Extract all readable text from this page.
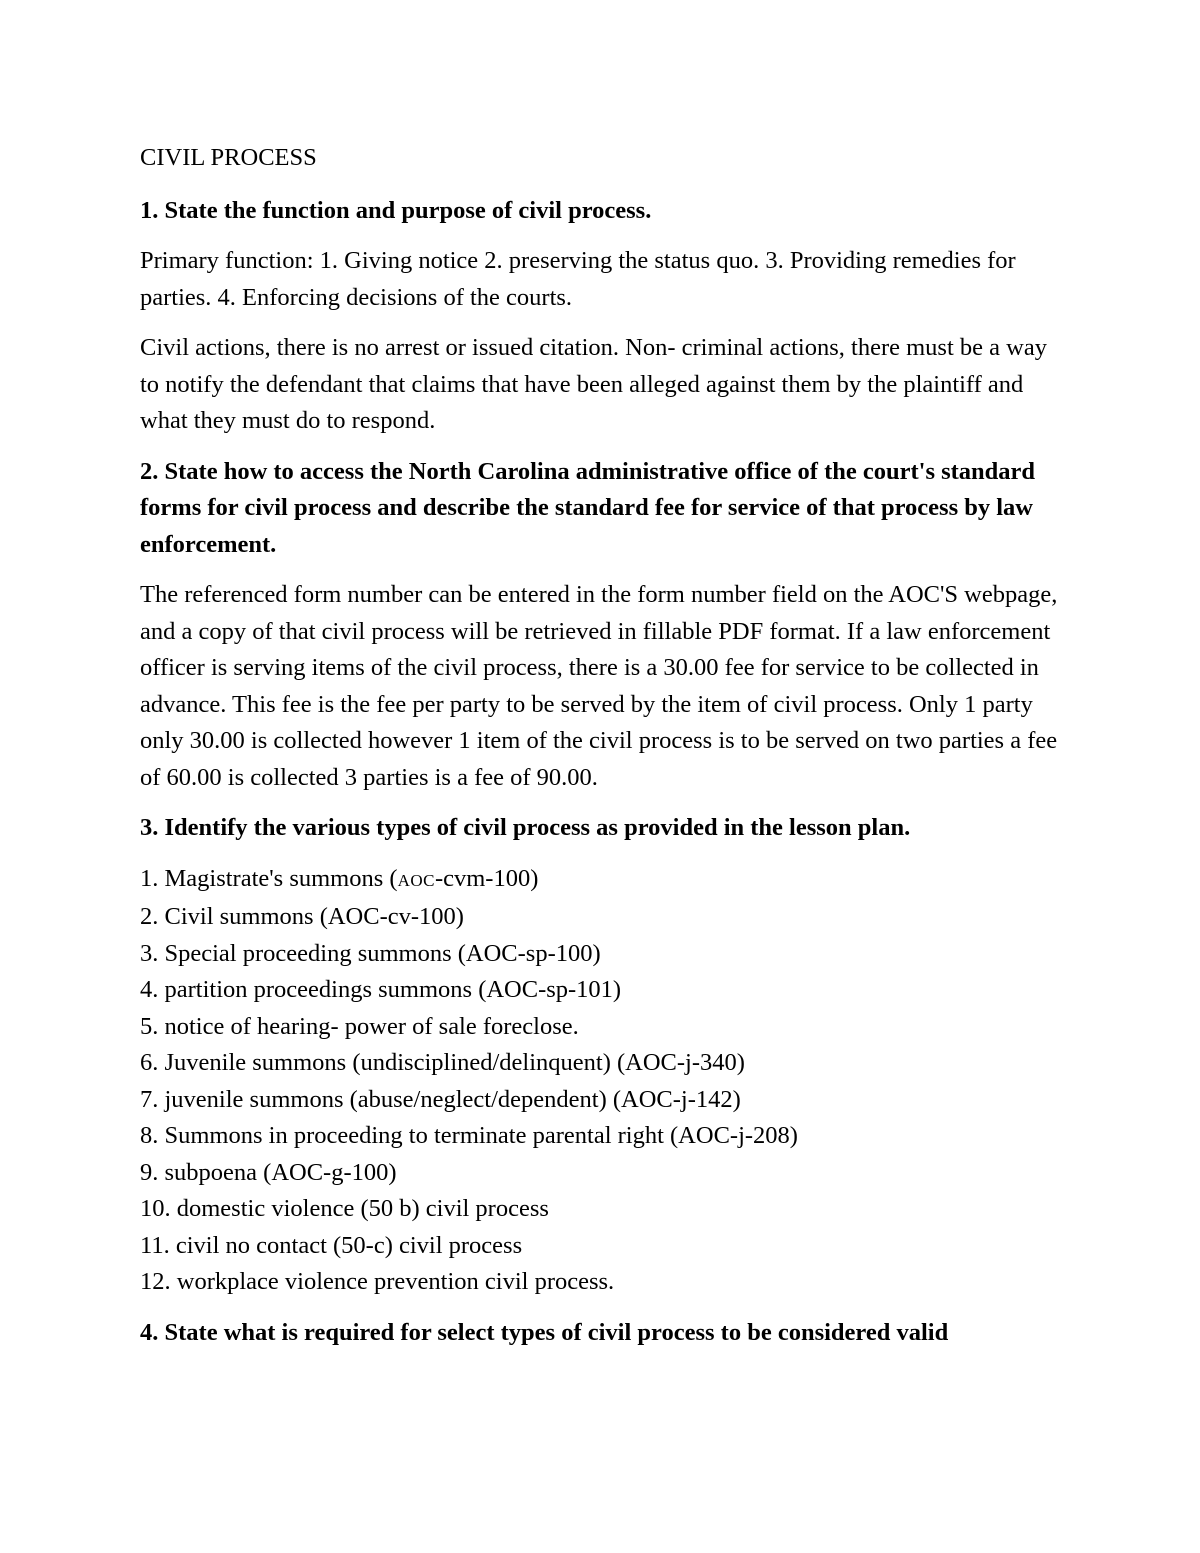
CIVIL PROCESS
1. State the function and purpose of civil process.
Primary function: 1. Giving notice 2. preserving the status quo. 3. Providing remedies for parties. 4. Enforcing decisions of the courts.
Civil actions, there is no arrest or issued citation. Non- criminal actions, there must be a way to notify the defendant that claims that have been alleged against them by the plaintiff and what they must do to respond.
2. State how to access the North Carolina administrative office of the court's standard forms for civil process and describe the standard fee for service of that process by law enforcement.
The referenced form number can be entered in the form number field on the AOC'S webpage, and a copy of that civil process will be retrieved in fillable PDF format. If a law enforcement officer is serving items of the civil process, there is a 30.00 fee for service to be collected in advance. This fee is the fee per party to be served by the item of civil process. Only 1 party only 30.00 is collected however 1 item of the civil process is to be served on two parties a fee of 60.00 is collected 3 parties is a fee of 90.00.
3. Identify the various types of civil process as provided in the lesson plan.
1. Magistrate's summons (AOC-cvm-100)
2. Civil summons (AOC-cv-100)
3. Special proceeding summons (AOC-sp-100)
4. partition proceedings summons (AOC-sp-101)
5. notice of hearing- power of sale foreclose.
6. Juvenile summons (undisciplined/delinquent) (AOC-j-340)
7. juvenile summons (abuse/neglect/dependent) (AOC-j-142)
8. Summons in proceeding to terminate parental right (AOC-j-208)
9. subpoena (AOC-g-100)
10. domestic violence (50 b) civil process
11. civil no contact (50-c) civil process
12. workplace violence prevention civil process.
4. State what is required for select types of civil process to be considered valid
